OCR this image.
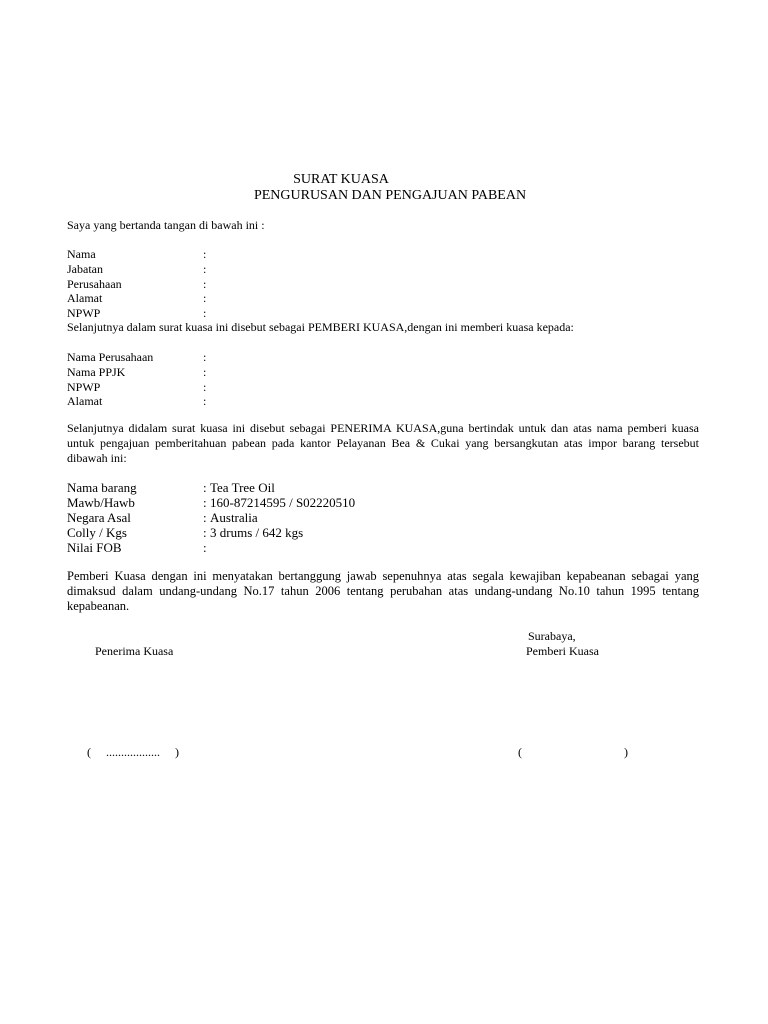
SURAT KUASA
PENGURUSAN DAN PENGAJUAN PABEAN
Saya yang bertanda tangan di bawah ini :
Nama	:
Jabatan	:
Perusahaan	:
Alamat	:
NPWP	:
Selanjutnya dalam surat kuasa ini disebut sebagai PEMBERI KUASA,dengan ini memberi kuasa kepada:
Nama Perusahaan	:
Nama PPJK	:
NPWP	:
Alamat	:
Selanjutnya didalam surat kuasa ini disebut sebagai PENERIMA KUASA,guna bertindak untuk dan atas nama pemberi kuasa untuk pengajuan pemberitahuan pabean pada kantor Pelayanan Bea & Cukai yang bersangkutan atas impor barang tersebut dibawah ini:
Nama barang	: Tea Tree Oil
Mawb/Hawb	: 160-87214595 / S02220510
Negara Asal	: Australia
Colly / Kgs	: 3 drums / 642 kgs
Nilai FOB	:
Pemberi Kuasa dengan ini menyatakan bertanggung jawab sepenuhnya atas segala kewajiban kepabeanan sebagai yang dimaksud dalam undang-undang No.17 tahun 2006 tentang perubahan atas undang-undang No.10 tahun 1995 tentang kepabeanan.
Surabaya,
Penerima Kuasa	Pemberi Kuasa
(     ..................     )	(                                  )
